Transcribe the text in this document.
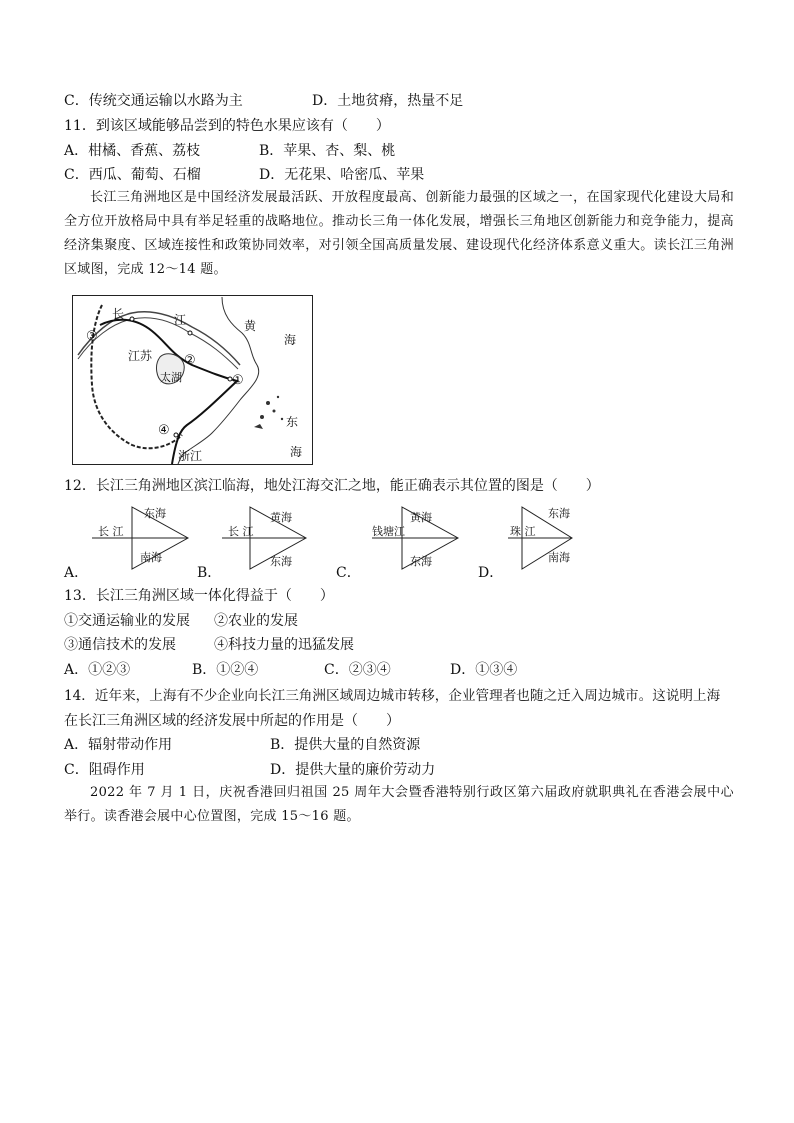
C．传统交通运输以水路为主	D．土地贫瘠，热量不足
11．到该区域能够品尝到的特色水果应该有（　　）
A．柑橘、香蕉、荔枝	B．苹果、杏、梨、桃
C．西瓜、葡萄、石榴	D．无花果、哈密瓜、苹果
长江三角洲地区是中国经济发展最活跃、开放程度最高、创新能力最强的区域之一，在国家现代化建设大局和全方位开放格局中具有举足轻重的战略地位。推动长三角一体化发展，增强长三角地区创新能力和竞争能力，提高经济集聚度、区域连接性和政策协同效率，对引领全国高质量发展、建设现代化经济体系意义重大。读长江三角洲区域图，完成 12～14 题。
长	江	黄
海
江苏
太湖
东
海
浙江
①
②
③
④
12．长江三角洲地区滨江临海，地处江海交汇之地，能正确表示其位置的图是（　　）
A．
东海
长 江
南海
B．
黄海
长 江
东海
C．
黄海
钱塘江
东海
D．
东海
珠 江
南海
13．长江三角洲区域一体化得益于（　　）
①交通运输业的发展 ②农业的发展
③通信技术的发展	④科技力量的迅猛发展
A．①②③	B．①②④	C．②③④	D．①③④
14．近年来，上海有不少企业向长江三角洲区域周边城市转移，企业管理者也随之迁入周边城市。这说明上海
在长江三角洲区域的经济发展中所起的作用是（　　）
A．辐射带动作用	B．提供大量的自然资源
C．阻碍作用	D．提供大量的廉价劳动力
2022 年 7 月 1 日，庆祝香港回归祖国 25 周年大会暨香港特别行政区第六届政府就职典礼在香港会展中心举行。读香港会展中心位置图，完成 15～16 题。
